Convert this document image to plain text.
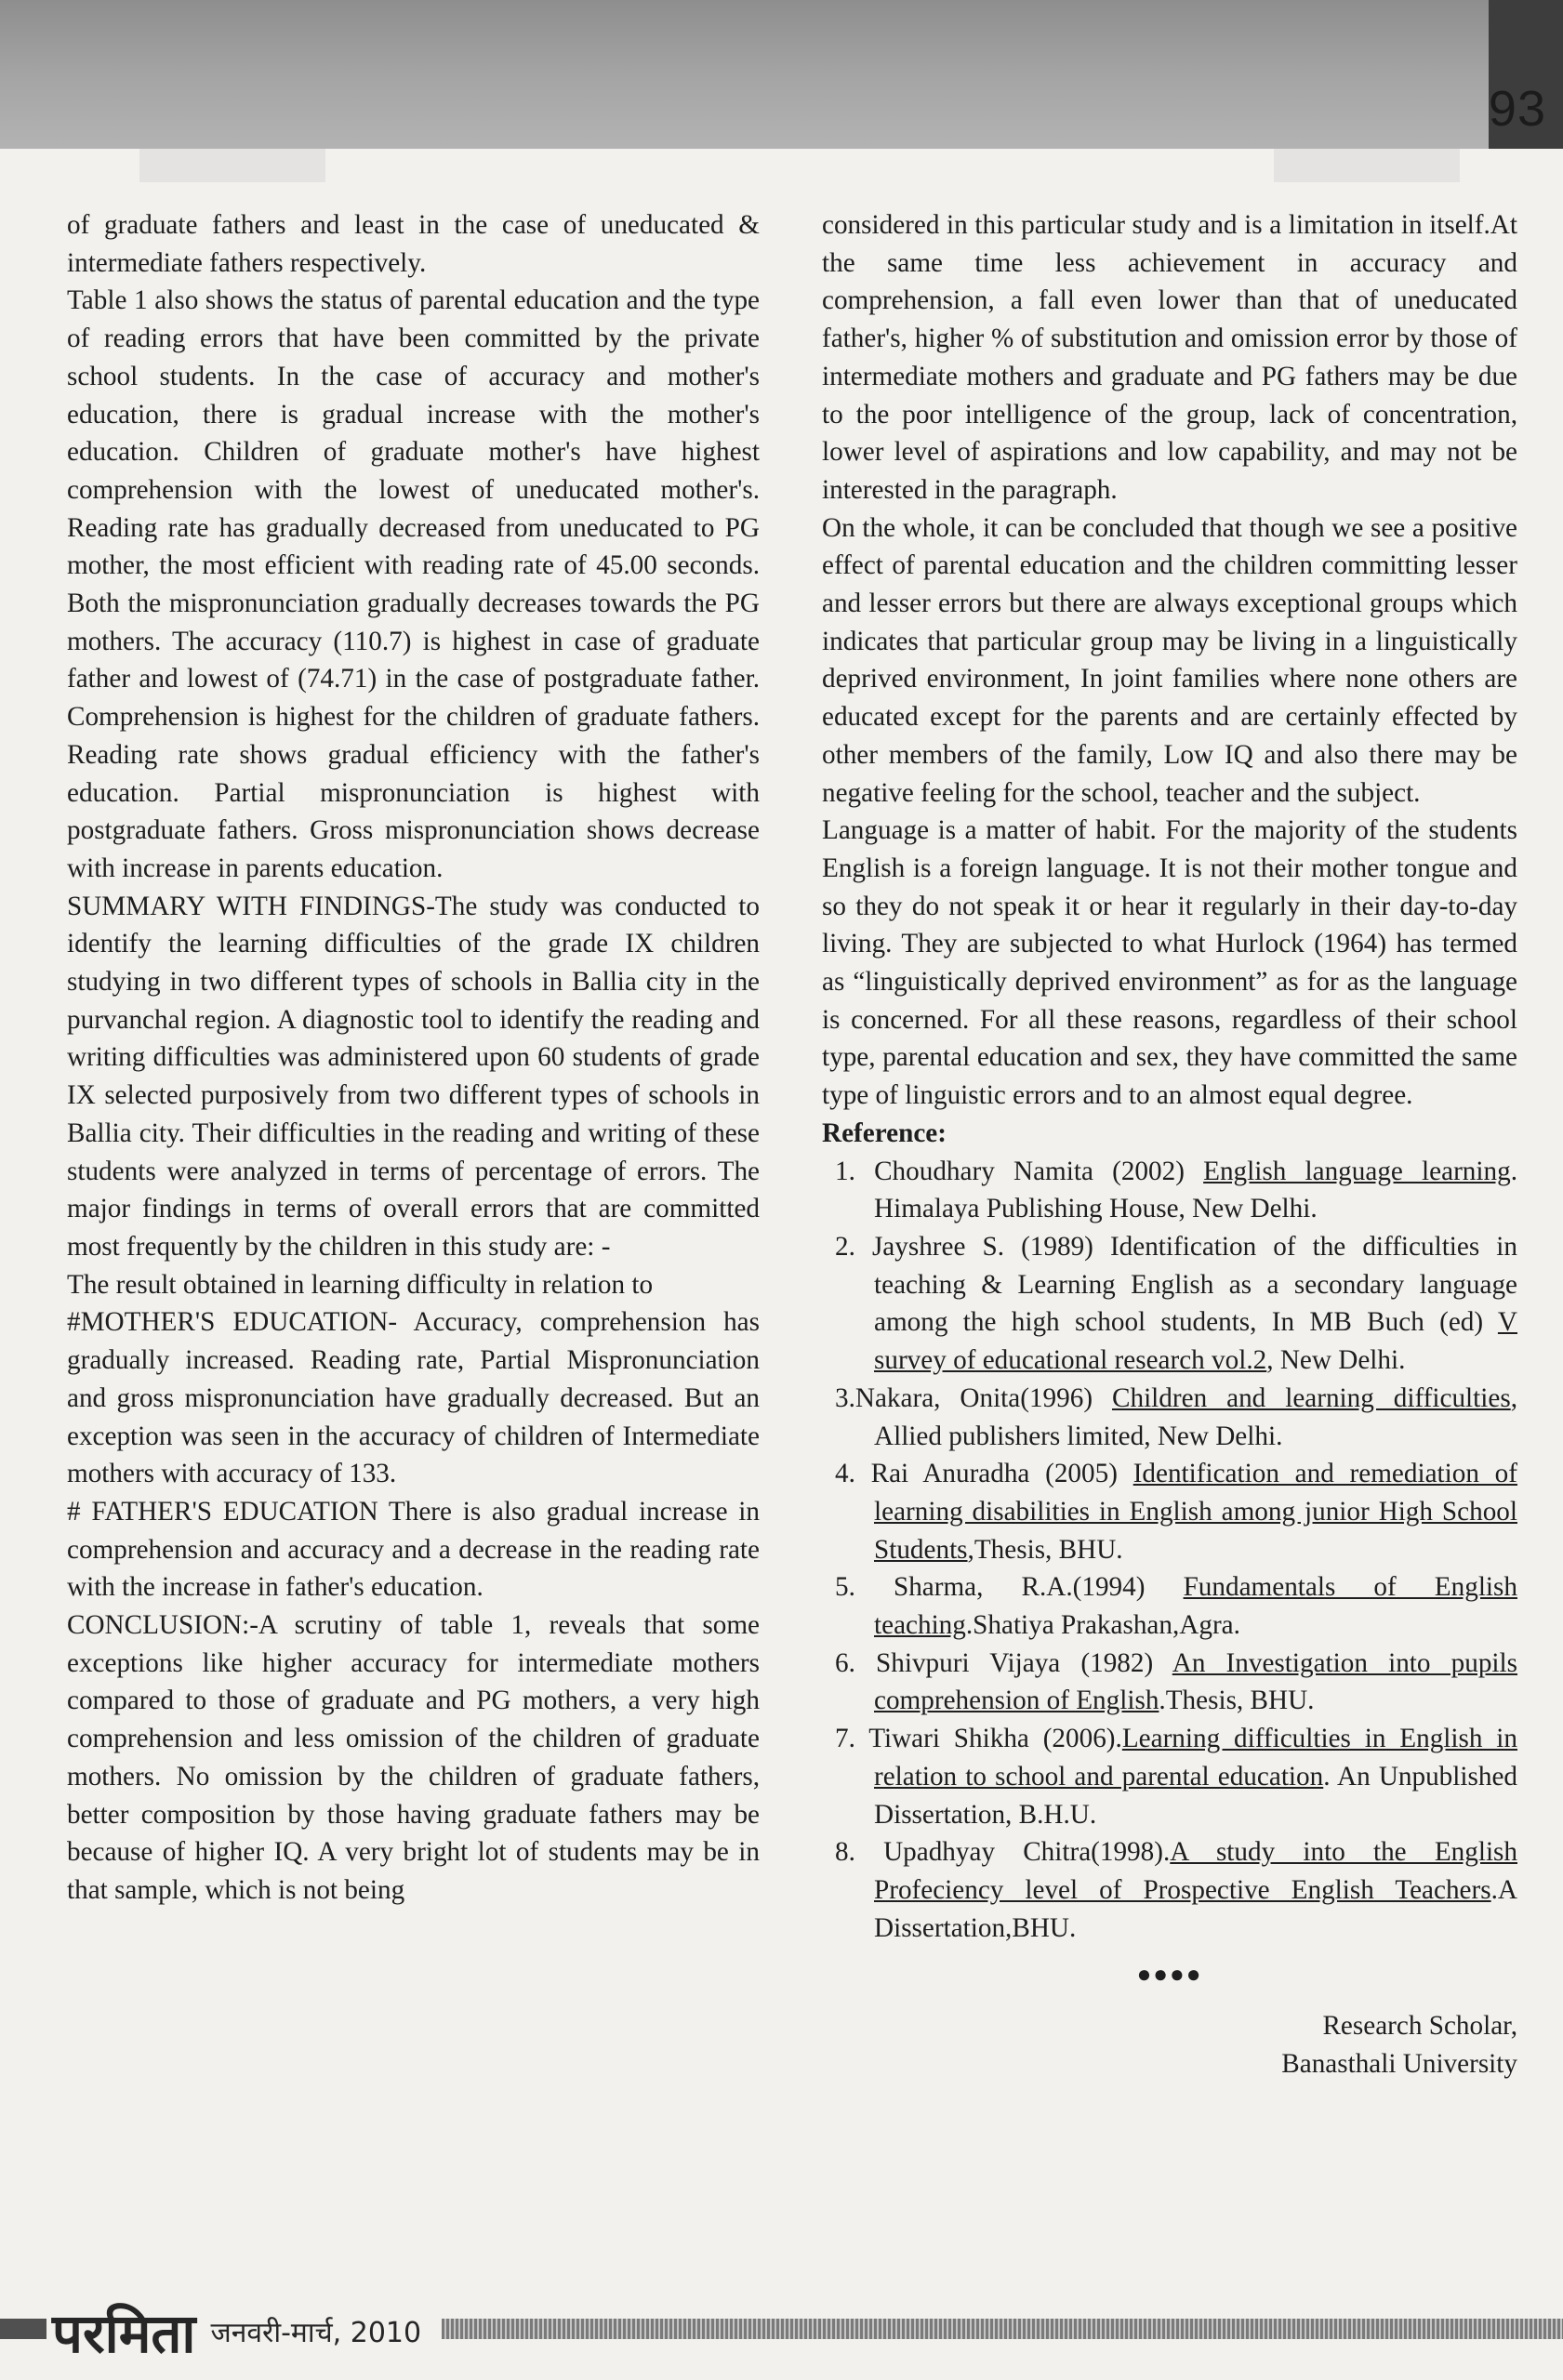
93

of graduate fathers and least in the case of uneducated & intermediate fathers respectively.

Table 1 also shows the status of parental education and the type of reading errors that have been committed by the private school students. In the case of accuracy and mother's education, there is gradual increase with the mother's education. Children of graduate mother's have highest comprehension with the lowest of uneducated mother's. Reading rate has gradually decreased from uneducated to PG mother, the most efficient with reading rate of 45.00 seconds. Both the mispronunciation gradually decreases towards the PG mothers. The accuracy (110.7) is highest in case of graduate father and lowest of (74.71) in the case of postgraduate father. Comprehension is highest for the children of graduate fathers. Reading rate shows gradual efficiency with the father's education. Partial mispronunciation is highest with postgraduate fathers. Gross mispronunciation shows decrease with increase in parents education.

SUMMARY WITH FINDINGS-The study was conducted to identify the learning difficulties of the grade IX children studying in two different types of schools in Ballia city in the purvanchal region. A diagnostic tool to identify the reading and writing difficulties was administered upon 60 students of grade IX selected purposively from two different types of schools in Ballia city. Their difficulties in the reading and writing of these students were analyzed in terms of percentage of errors. The major findings in terms of overall errors that are committed most frequently by the children in this study are: -

The result obtained in learning difficulty in relation to

#MOTHER'S EDUCATION- Accuracy, comprehension has gradually increased. Reading rate, Partial Mispronunciation and gross mispronunciation have gradually decreased. But an exception was seen in the accuracy of children of Intermediate mothers with accuracy of 133.

# FATHER'S EDUCATION There is also gradual increase in comprehension and accuracy and a decrease in the reading rate with the increase in father's education.

CONCLUSION:-A scrutiny of table 1, reveals that some exceptions like higher accuracy for intermediate mothers compared to those of graduate and PG mothers, a very high comprehension and less omission of the children of graduate mothers. No omission by the children of graduate fathers, better composition by those having graduate fathers may be because of higher IQ. A very bright lot of students may be in that sample, which is not being

considered in this particular study and is a limitation in itself.At the same time less achievement in accuracy and comprehension, a fall even lower than that of uneducated father's, higher % of substitution and omission error by those of intermediate mothers and graduate and PG fathers may be due to the poor intelligence of the group, lack of concentration, lower level of aspirations and low capability, and may not be interested in the paragraph.

On the whole, it can be concluded that though we see a positive effect of parental education and the children committing lesser and lesser errors but there are always exceptional groups which indicates that particular group may be living in a linguistically deprived environment, In joint families where none others are educated except for the parents and are certainly effected by other members of the family, Low IQ and also there may be negative feeling for the school, teacher and the subject.

Language is a matter of habit. For the majority of the students English is a foreign language. It is not their mother tongue and so they do not speak it or hear it regularly in their day-to-day living. They are subjected to what Hurlock (1964) has termed as “linguistically deprived environment” as for as the language is concerned. For all these reasons, regardless of their school type, parental education and sex, they have committed the same type of linguistic errors and to an almost equal degree.

Reference:

1. Choudhary Namita (2002) English language learning. Himalaya Publishing House, New Delhi.
2. Jayshree S. (1989) Identification of the difficulties in teaching & Learning English as a secondary language among the high school students, In MB Buch (ed) V survey of educational research vol.2, New Delhi.
3.Nakara, Onita(1996) Children and learning difficulties, Allied publishers limited, New Delhi.
4. Rai Anuradha (2005) Identification and remediation of learning disabilities in English among junior High School Students,Thesis, BHU.
5. Sharma, R.A.(1994) Fundamentals of English teaching.Shatiya Prakashan,Agra.
6. Shivpuri Vijaya (1982) An Investigation into pupils comprehension of English.Thesis, BHU.
7. Tiwari Shikha (2006).Learning difficulties in English in relation to school and parental education. An Unpublished Dissertation, B.H.U.
8. Upadhyay Chitra(1998).A study into the English Profeciency level of Prospective English Teachers.A Dissertation,BHU.
●●●●
Research Scholar,
Banasthali University
परमिता जनवरी-मार्च, 2010
